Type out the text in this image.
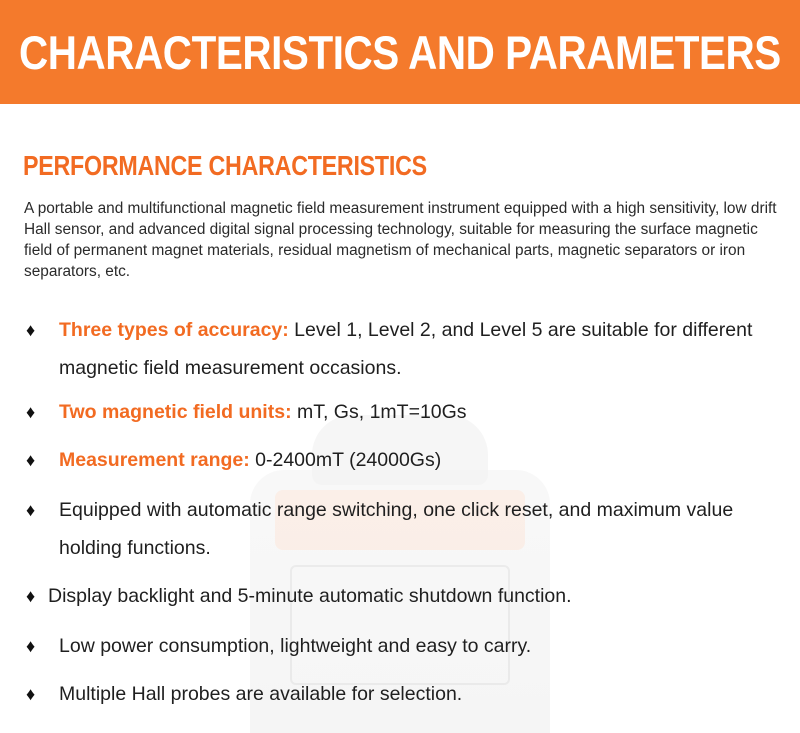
CHARACTERISTICS AND PARAMETERS
PERFORMANCE CHARACTERISTICS

A portable and multifunctional magnetic field measurement instrument equipped with a high sensitivity, low drift Hall sensor, and advanced digital signal processing technology, suitable for measuring the surface magnetic field of permanent magnet materials, residual magnetism of mechanical parts, magnetic separators or iron separators, etc.

♦	Three types of accuracy: Level 1, Level 2, and Level 5 are suitable for different magnetic field measurement occasions.
♦	Two magnetic field units: mT, Gs, 1mT=10Gs
♦	Measurement range: 0-2400mT (24000Gs)
♦	Equipped with automatic range switching, one click reset, and maximum value holding functions.
♦ Display backlight and 5-minute automatic shutdown function.
♦	Low power consumption, lightweight and easy to carry.
♦	Multiple Hall probes are available for selection.
